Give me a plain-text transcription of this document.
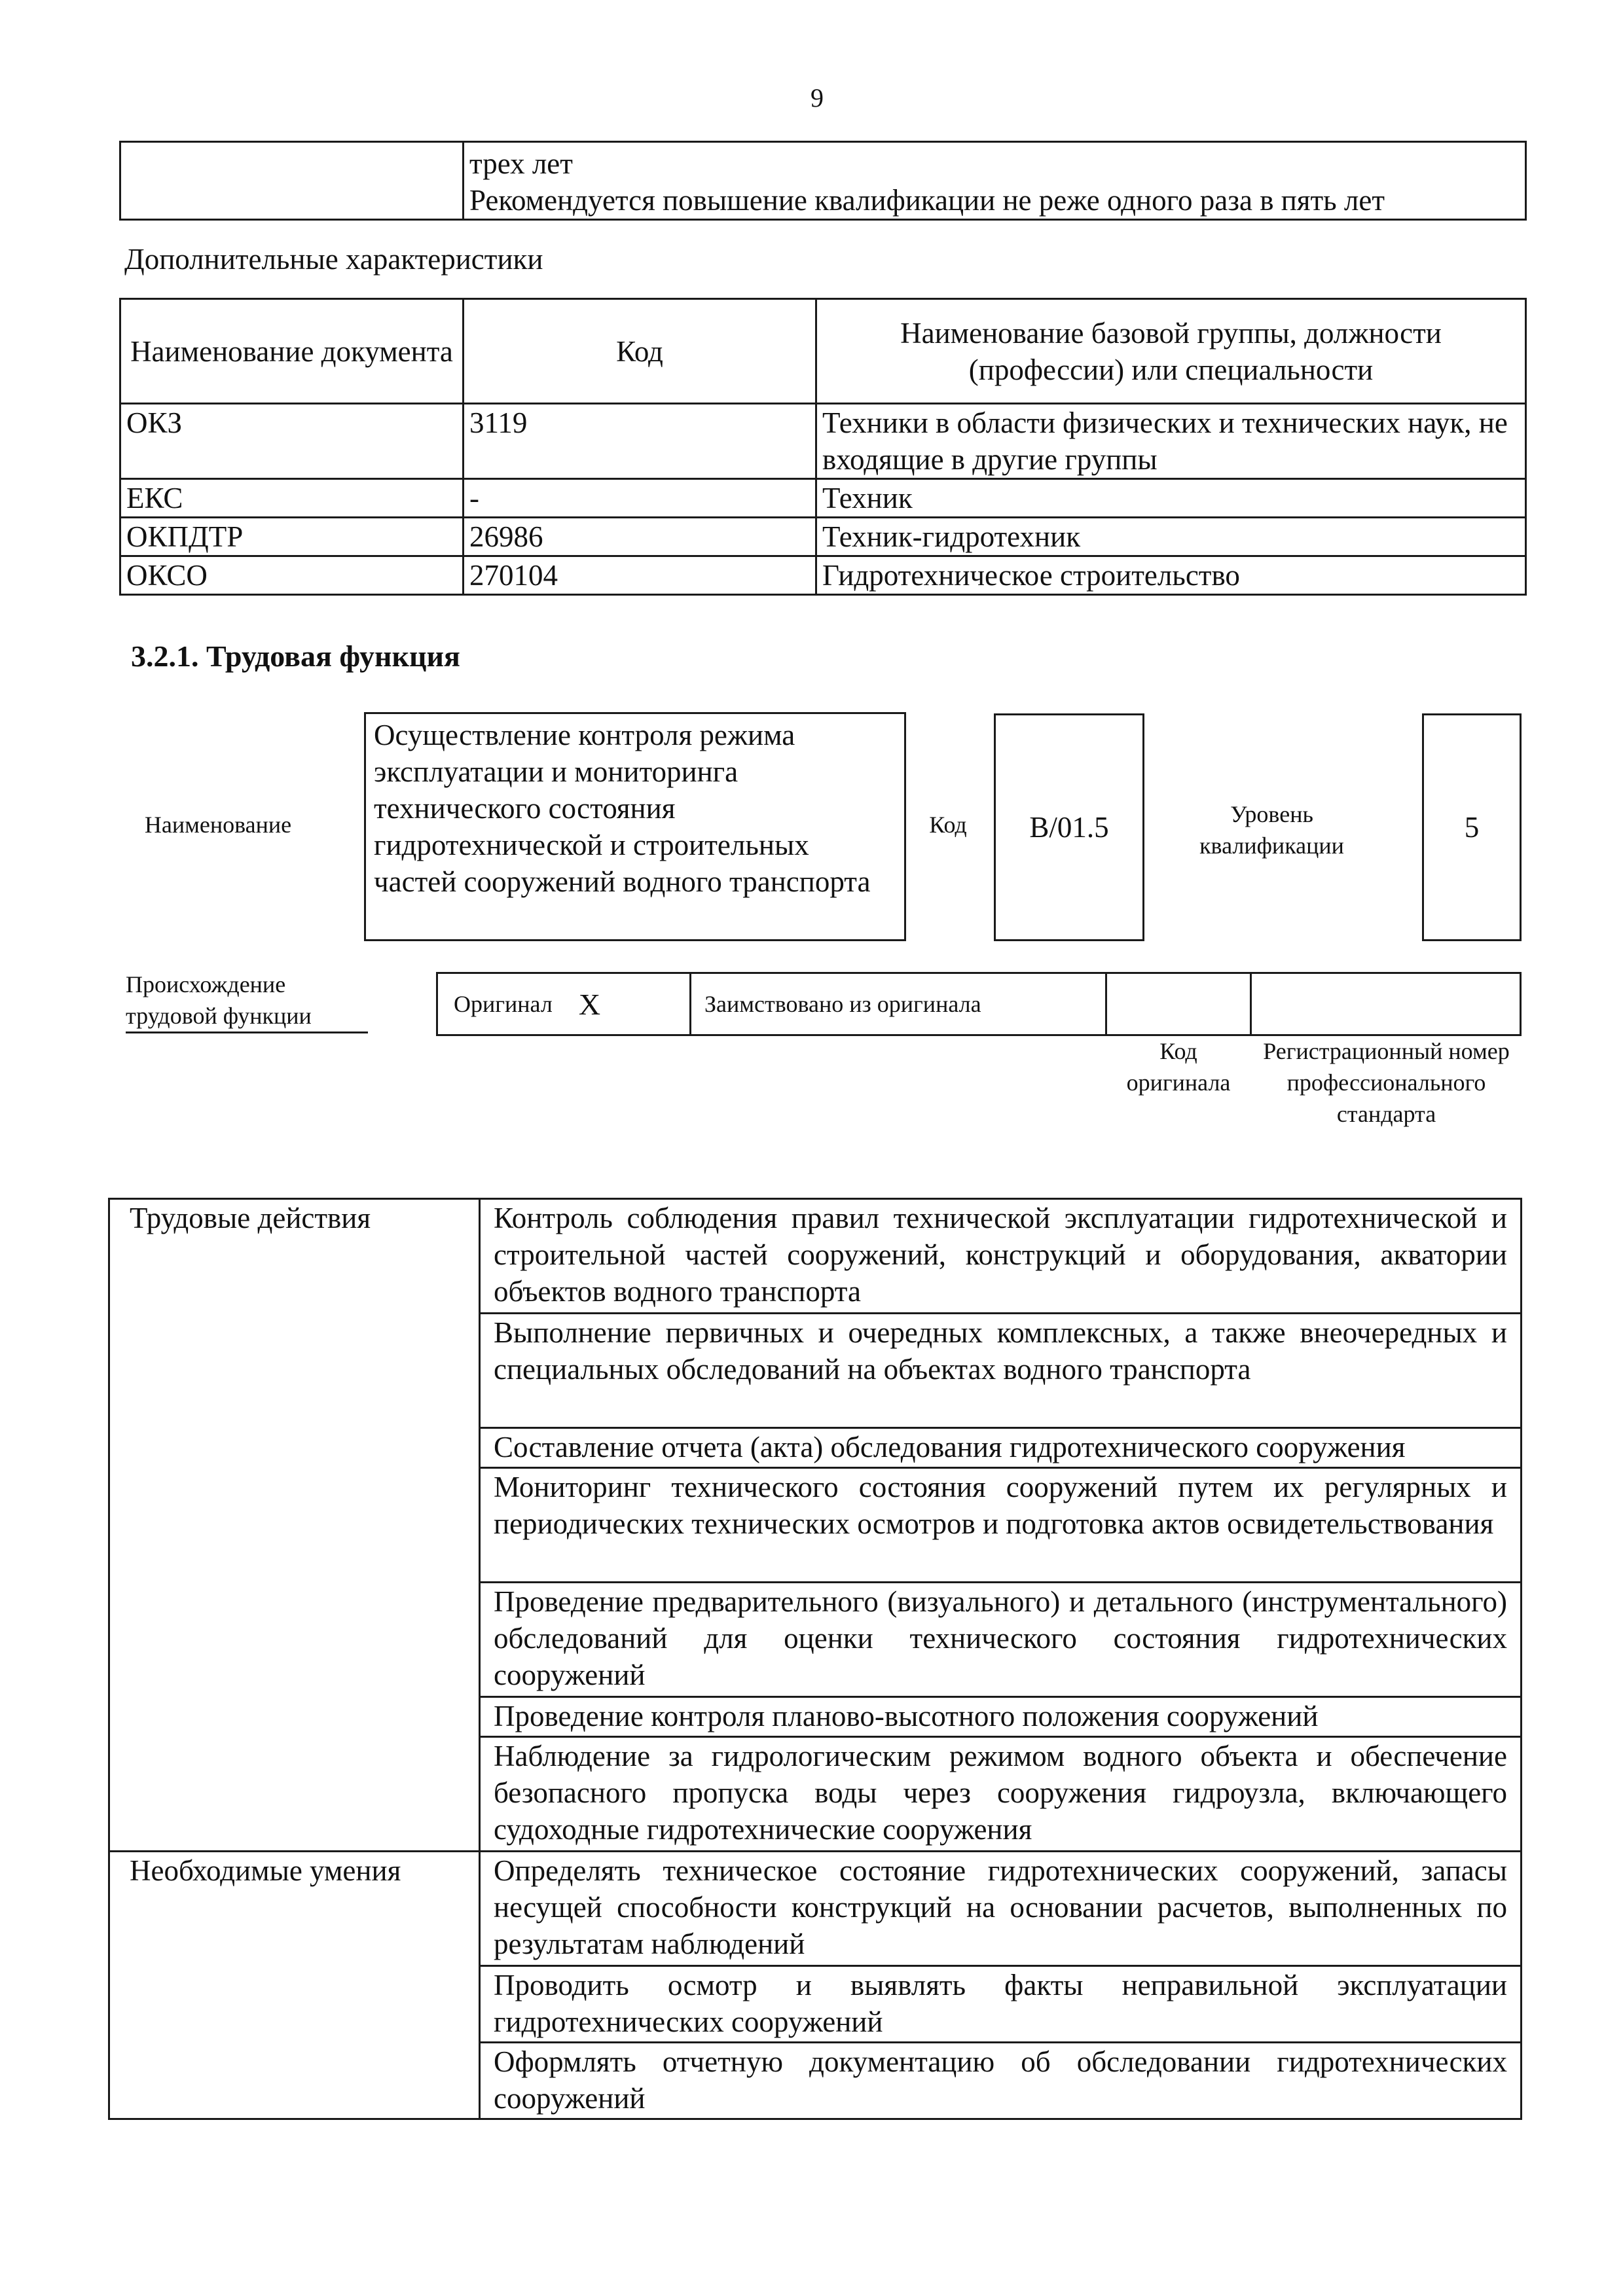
9

трех лет
Рекомендуется повышение квалификации не реже одного раза в пять лет
Дополнительные характеристики
Наименование документа	Код	Наименование базовой группы, должности (профессии) или специальности
ОКЗ	3119	Техники в области физических и технических наук, не входящие в другие группы
ЕКС	-	Техник
ОКПДТР	26986	Техник-гидротехник
ОКСО	270104	Гидротехническое строительство
3.2.1. Трудовая функция
Наименование
Осуществление контроля режима эксплуатации и мониторинга технического состояния гидротехнической и строительных частей сооружений водного транспорта
Код B/01.5	Уровень квалификации
5
Происхождение трудовой функции	Оригинал X	Заимствовано из оригинала
Код оригинала
Регистрационный номер профессионального стандарта
Трудовые действия	Контроль соблюдения правил технической эксплуатации гидротехнической и строительной частей сооружений, конструкций и оборудования, акватории объектов водного транспорта
	Выполнение первичных и очередных комплексных, а также внеочередных и специальных обследований на объектах водного транспорта
	Составление отчета (акта) обследования гидротехнического сооружения
	Мониторинг технического состояния сооружений путем их регулярных и периодических технических осмотров и подготовка актов освидетельствования
	Проведение предварительного (визуального) и детального (инструментального) обследований для оценки технического состояния гидротехнических сооружений
	Проведение контроля планово-высотного положения сооружений
	Наблюдение за гидрологическим режимом водного объекта и обеспечение безопасного пропуска воды через сооружения гидроузла, включающего судоходные гидротехнические сооружения
Необходимые умения	Определять техническое состояние гидротехнических сооружений, запасы несущей способности конструкций на основании расчетов, выполненных по результатам наблюдений
	Проводить осмотр и выявлять факты неправильной эксплуатации гидротехнических сооружений
	Оформлять отчетную документацию об обследовании гидротехнических сооружений
